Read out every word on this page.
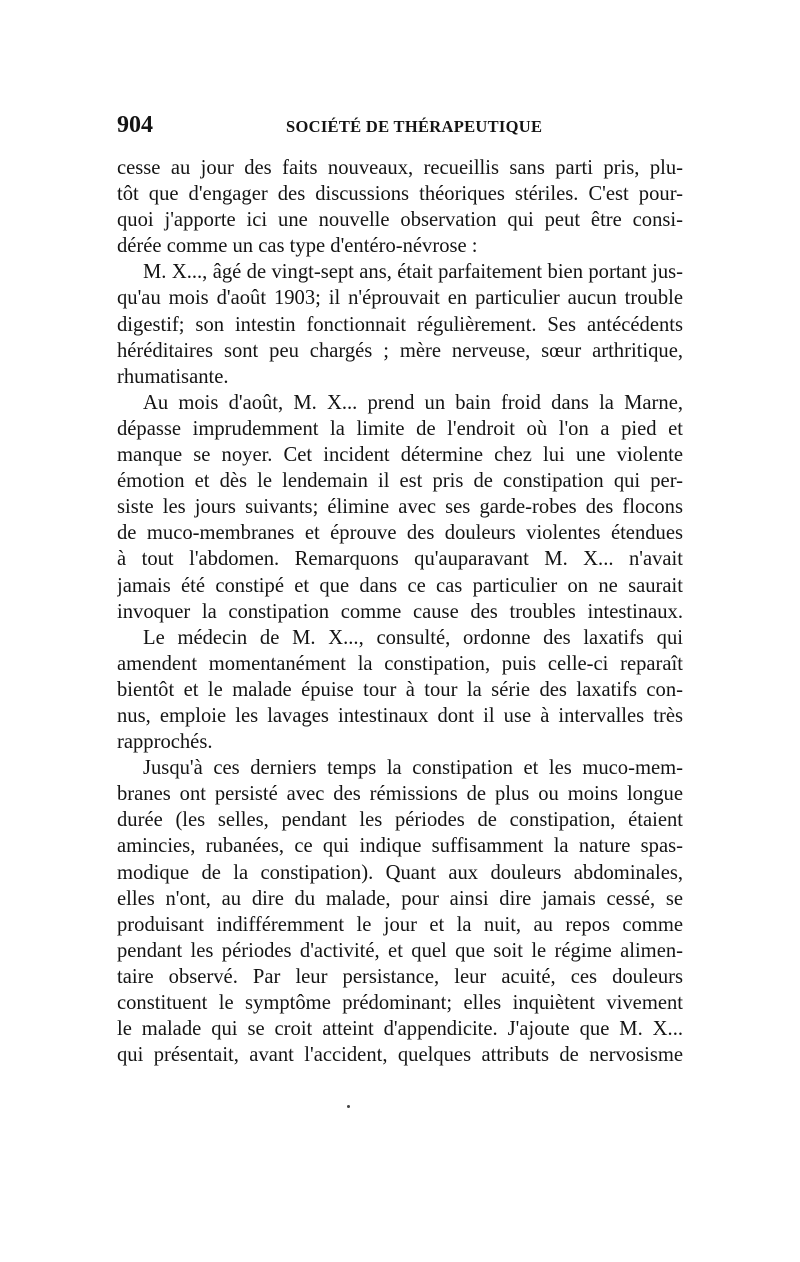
904	SOCIÉTÉ DE THÉRAPEUTIQUE
cesse au jour des faits nouveaux, recueillis sans parti pris, plu-
tôt que d'engager des discussions théoriques stériles. C'est pour-
quoi j'apporte ici une nouvelle observation qui peut être consi-
dérée comme un cas type d'entéro-névrose :
M. X..., âgé de vingt-sept ans, était parfaitement bien portant jus-
qu'au mois d'août 1903; il n'éprouvait en particulier aucun trouble
digestif; son intestin fonctionnait régulièrement. Ses antécédents
héréditaires sont peu chargés ; mère nerveuse, sœur arthritique,
rhumatisante.
Au mois d'août, M. X... prend un bain froid dans la Marne,
dépasse imprudemment la limite de l'endroit où l'on a pied et
manque se noyer. Cet incident détermine chez lui une violente
émotion et dès le lendemain il est pris de constipation qui per-
siste les jours suivants; élimine avec ses garde-robes des flocons
de muco-membranes et éprouve des douleurs violentes étendues
à tout l'abdomen. Remarquons qu'auparavant M. X... n'avait
jamais été constipé et que dans ce cas particulier on ne saurait
invoquer la constipation comme cause des troubles intestinaux.
Le médecin de M. X..., consulté, ordonne des laxatifs qui
amendent momentanément la constipation, puis celle-ci reparaît
bientôt et le malade épuise tour à tour la série des laxatifs con-
nus, emploie les lavages intestinaux dont il use à intervalles très
rapprochés.
Jusqu'à ces derniers temps la constipation et les muco-mem-
branes ont persisté avec des rémissions de plus ou moins longue
durée (les selles, pendant les périodes de constipation, étaient
amincies, rubanées, ce qui indique suffisamment la nature spas-
modique de la constipation). Quant aux douleurs abdominales,
elles n'ont, au dire du malade, pour ainsi dire jamais cessé, se
produisant indifféremment le jour et la nuit, au repos comme
pendant les périodes d'activité, et quel que soit le régime alimen-
taire observé. Par leur persistance, leur acuité, ces douleurs
constituent le symptôme prédominant; elles inquiètent vivement
le malade qui se croit atteint d'appendicite. J'ajoute que M. X...
qui présentait, avant l'accident, quelques attributs de nervosisme
